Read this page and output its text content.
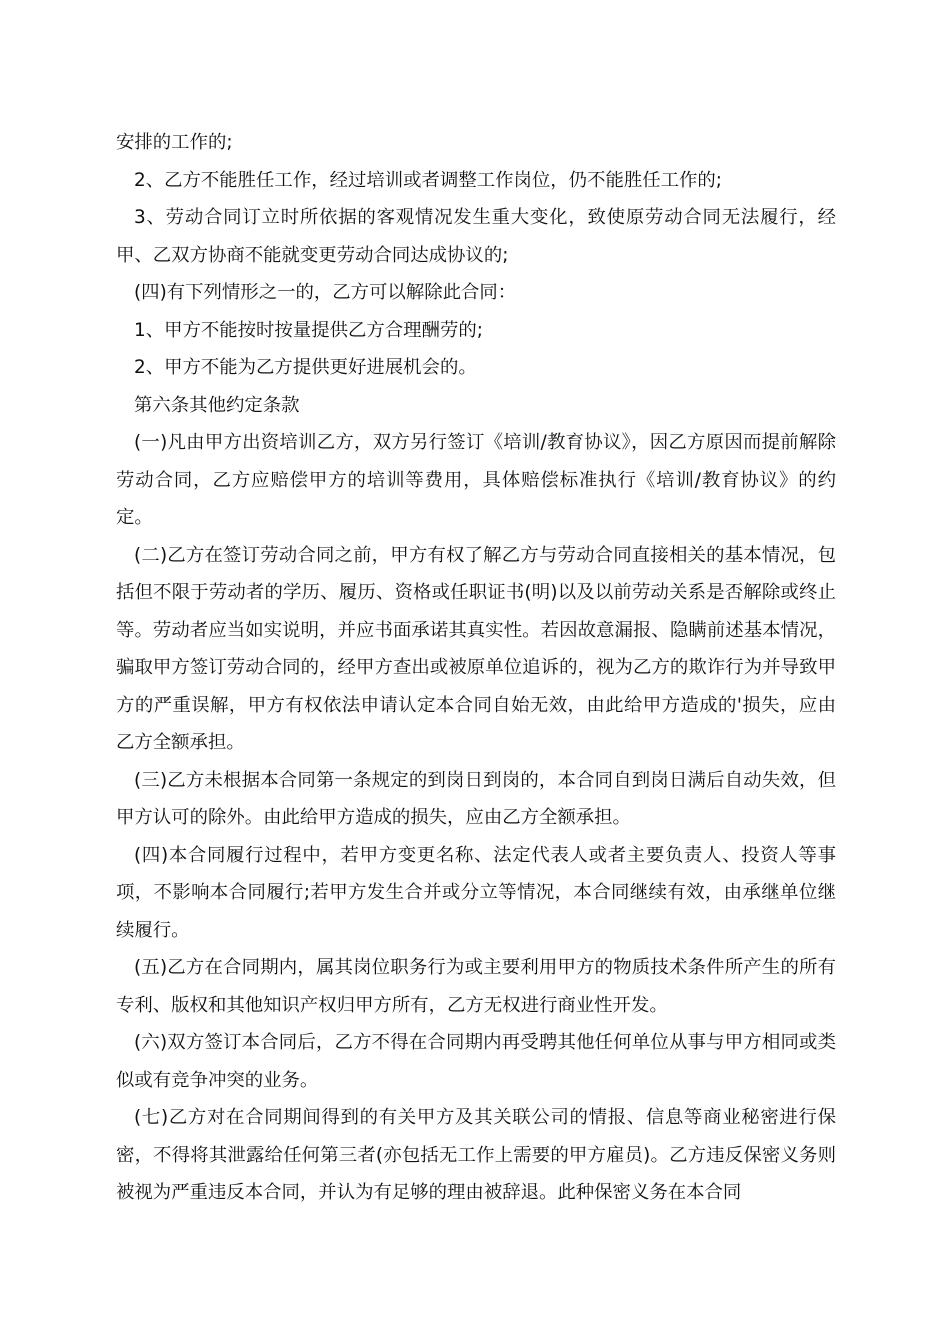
安排的工作的;

2、乙方不能胜任工作，经过培训或者调整工作岗位，仍不能胜任工作的;

3、劳动合同订立时所依据的客观情况发生重大变化，致使原劳动合同无法履行，经甲、乙双方协商不能就变更劳动合同达成协议的;

(四)有下列情形之一的，乙方可以解除此合同：

1、甲方不能按时按量提供乙方合理酬劳的;

2、甲方不能为乙方提供更好进展机会的。

第六条其他约定条款

(一)凡由甲方出资培训乙方，双方另行签订《培训/教育协议》，因乙方原因而提前解除劳动合同，乙方应赔偿甲方的培训等费用，具体赔偿标准执行《培训/教育协议》的约定。

(二)乙方在签订劳动合同之前，甲方有权了解乙方与劳动合同直接相关的基本情况，包括但不限于劳动者的学历、履历、资格或任职证书(明)以及以前劳动关系是否解除或终止等。劳动者应当如实说明，并应书面承诺其真实性。若因故意漏报、隐瞒前述基本情况，骗取甲方签订劳动合同的，经甲方查出或被原单位追诉的，视为乙方的欺诈行为并导致甲方的严重误解，甲方有权依法申请认定本合同自始无效，由此给甲方造成的'损失，应由乙方全额承担。

(三)乙方未根据本合同第一条规定的到岗日到岗的，本合同自到岗日满后自动失效，但甲方认可的除外。由此给甲方造成的损失，应由乙方全额承担。

(四)本合同履行过程中，若甲方变更名称、法定代表人或者主要负责人、投资人等事项，不影响本合同履行;若甲方发生合并或分立等情况，本合同继续有效，由承继单位继续履行。

(五)乙方在合同期内，属其岗位职务行为或主要利用甲方的物质技术条件所产生的所有专利、版权和其他知识产权归甲方所有，乙方无权进行商业性开发。

(六)双方签订本合同后，乙方不得在合同期内再受聘其他任何单位从事与甲方相同或类似或有竞争冲突的业务。

(七)乙方对在合同期间得到的有关甲方及其关联公司的情报、信息等商业秘密进行保密，不得将其泄露给任何第三者(亦包括无工作上需要的甲方雇员)。乙方违反保密义务则被视为严重违反本合同，并认为有足够的理由被辞退。此种保密义务在本合同
